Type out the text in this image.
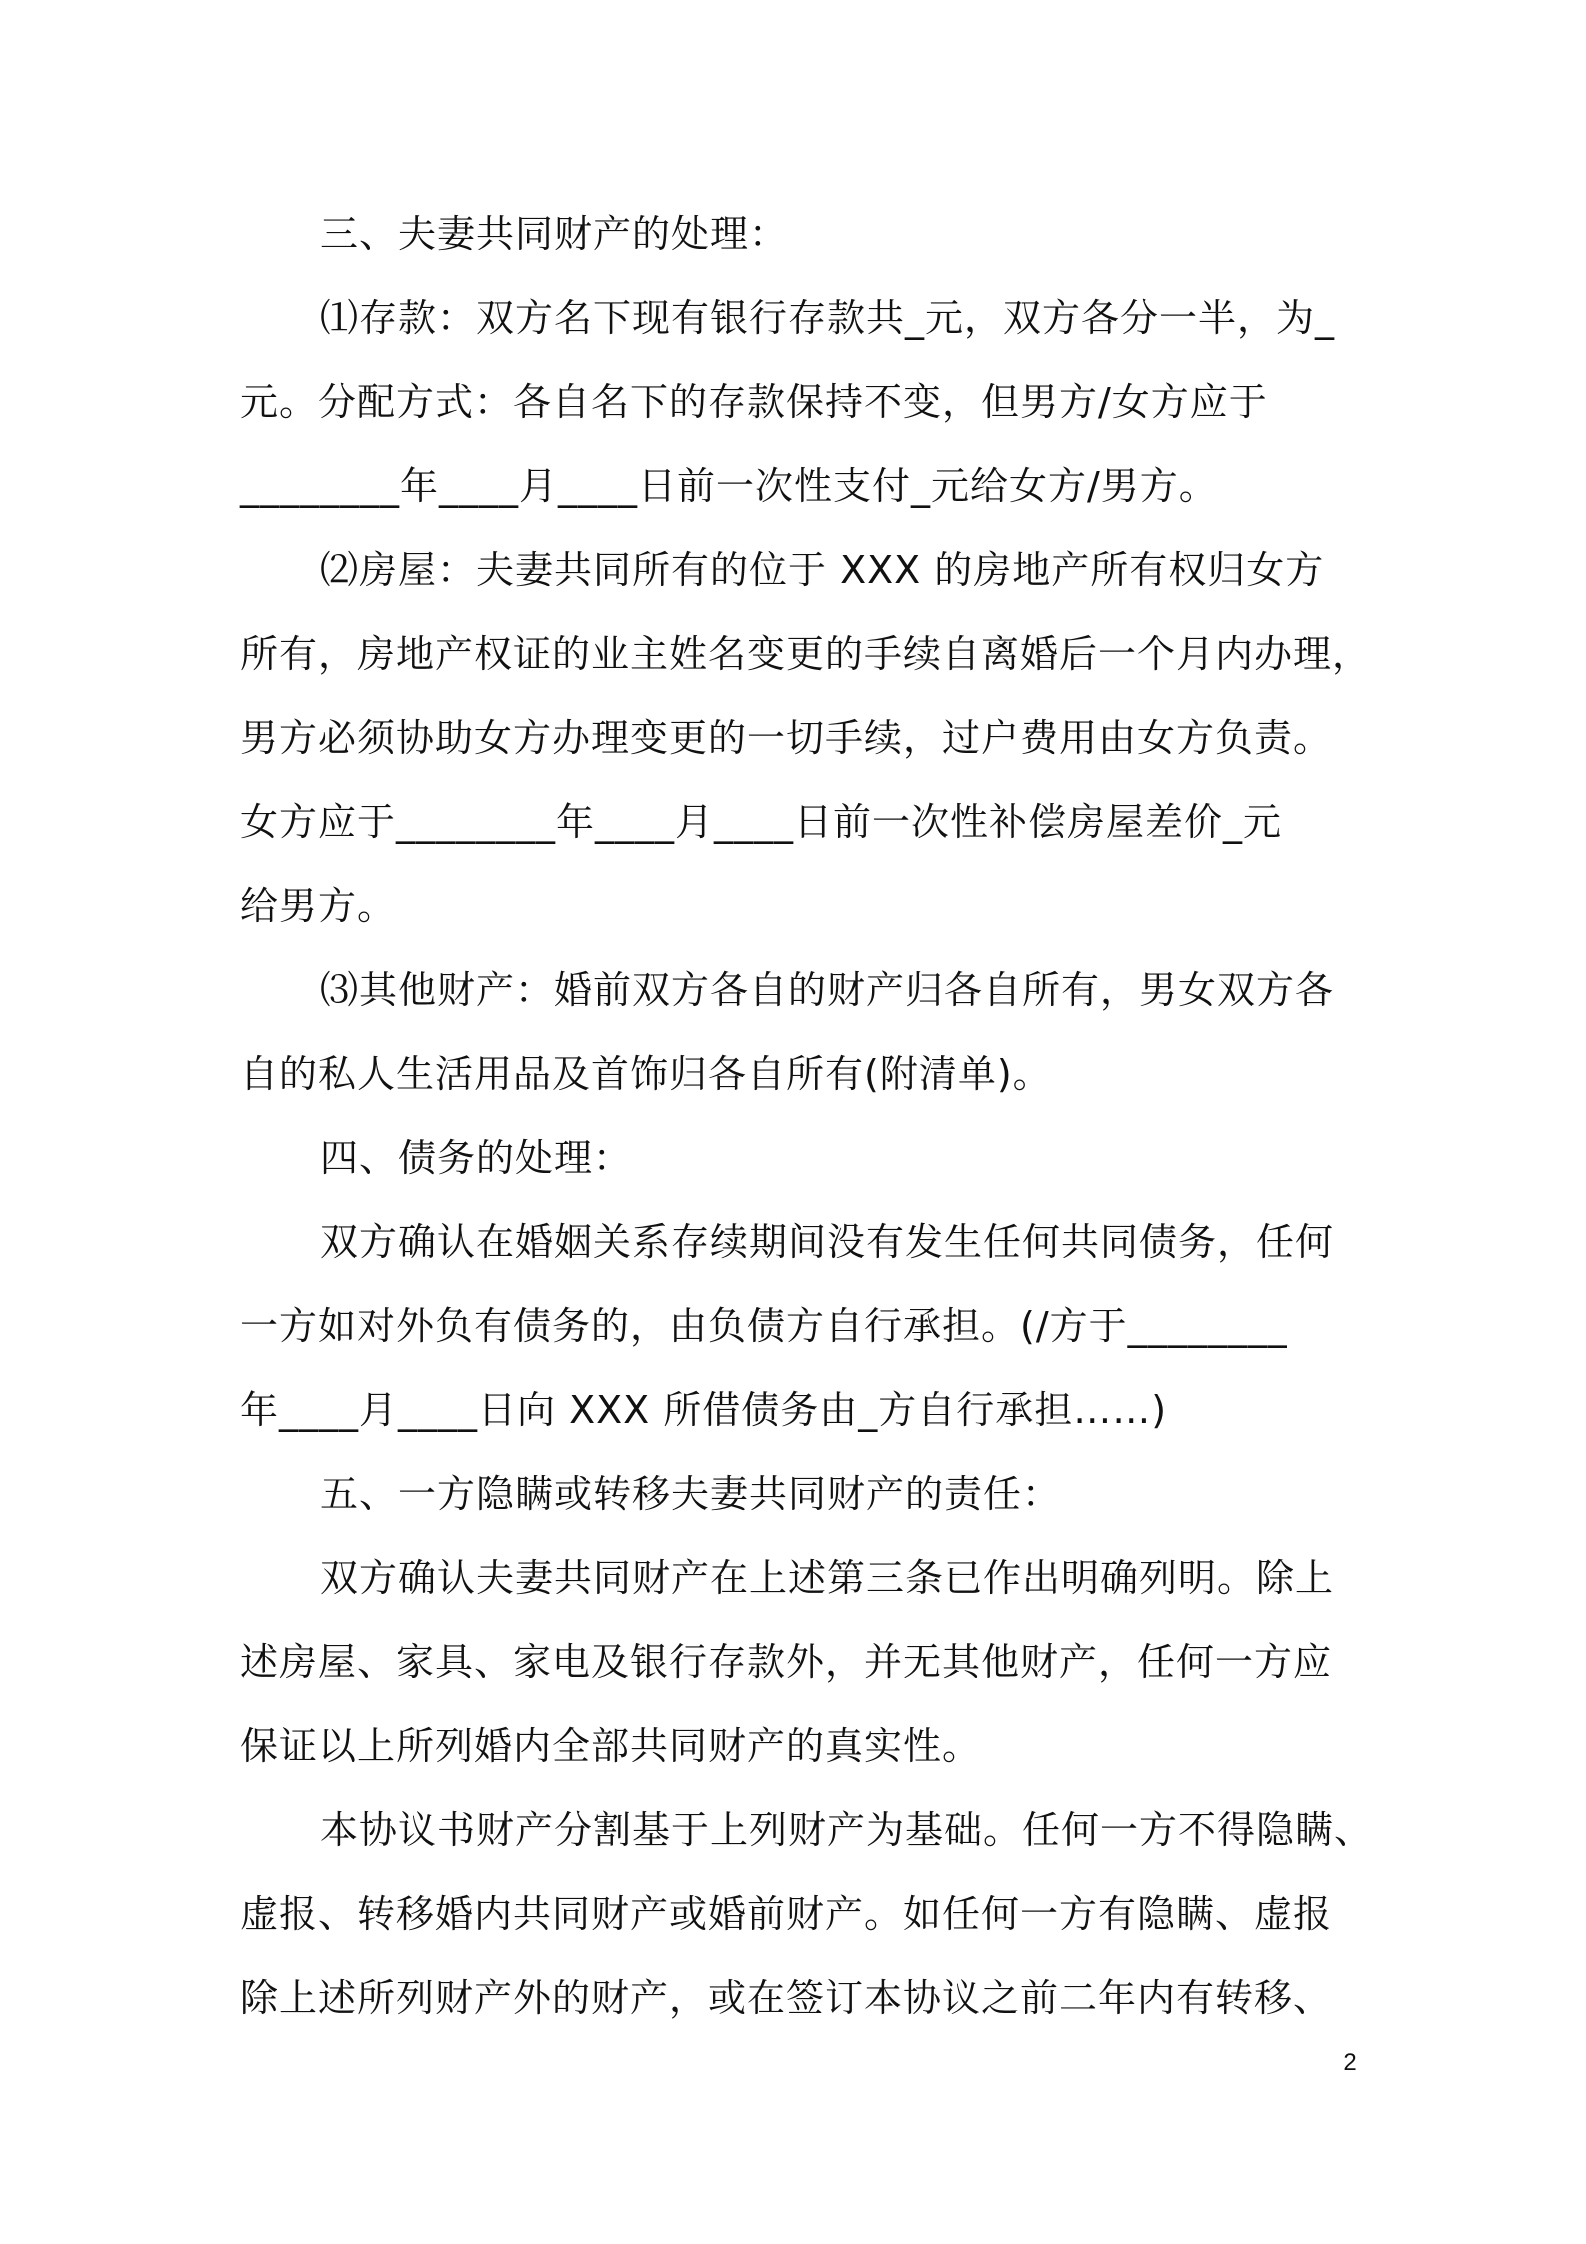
三、夫妻共同财产的处理：
⑴存款：双方名下现有银行存款共_元，双方各分一半，为_
元。分配方式：各自名下的存款保持不变，但男方/女方应于
________年____月____日前一次性支付_元给女方/男方。
⑵房屋：夫妻共同所有的位于 XXX 的房地产所有权归女方
所有，房地产权证的业主姓名变更的手续自离婚后一个月内办理，
男方必须协助女方办理变更的一切手续，过户费用由女方负责。
女方应于________年____月____日前一次性补偿房屋差价_元
给男方。
⑶其他财产：婚前双方各自的财产归各自所有，男女双方各
自的私人生活用品及首饰归各自所有(附清单)。
四、债务的处理：
双方确认在婚姻关系存续期间没有发生任何共同债务，任何
一方如对外负有债务的，由负债方自行承担。(/方于________
年____月____日向 XXX 所借债务由_方自行承担……)
五、一方隐瞒或转移夫妻共同财产的责任：
双方确认夫妻共同财产在上述第三条已作出明确列明。除上
述房屋、家具、家电及银行存款外，并无其他财产，任何一方应
保证以上所列婚内全部共同财产的真实性。
本协议书财产分割基于上列财产为基础。任何一方不得隐瞒、
虚报、转移婚内共同财产或婚前财产。如任何一方有隐瞒、虚报
除上述所列财产外的财产，或在签订本协议之前二年内有转移、
2
